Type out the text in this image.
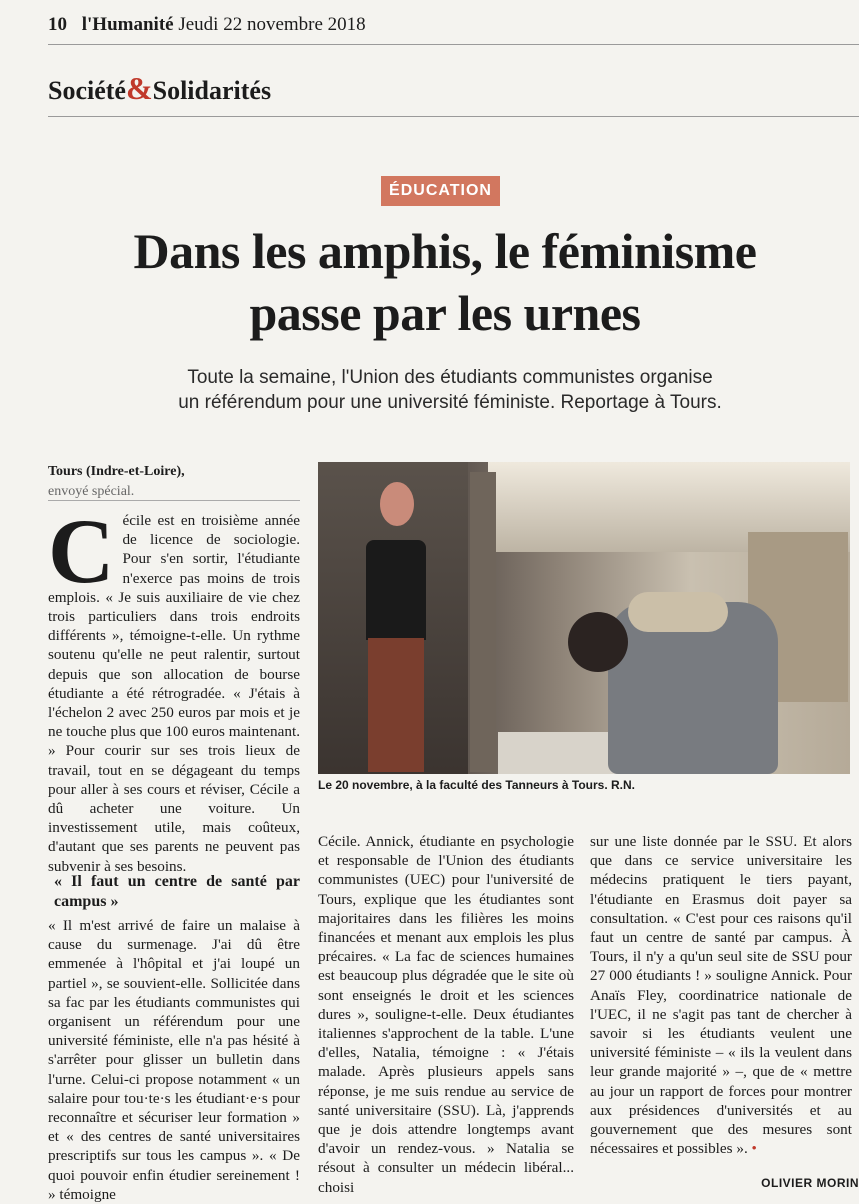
10 l'Humanité Jeudi 22 novembre 2018
Société&Solidarités
ÉDUCATION
Dans les amphis, le féminisme
passe par les urnes

Toute la semaine, l'Union des étudiants communistes organise
un référendum pour une université féministe. Reportage à Tours.

Tours (Indre-et-Loire),
envoyé spécial.
Le 20 novembre, à la faculté des Tanneurs à Tours. R.N.
C écile est en troisième année de licence de sociologie. Pour s'en sortir, l'étudiante n'exerce pas moins de trois emplois. « Je suis auxiliaire de vie chez trois particuliers dans trois endroits différents », témoigne-t-elle. Un rythme soutenu qu'elle ne peut ralentir, surtout depuis que son allocation de bourse étudiante a été rétrogradée. « J'étais à l'échelon 2 avec 250 euros par mois et je ne touche plus que 100 euros maintenant. » Pour courir sur ses trois lieux de travail, tout en se dégageant du temps pour aller à ses cours et réviser, Cécile a dû acheter une voiture. Un investissement utile, mais coûteux, d'autant que ses parents ne peuvent pas subvenir à ses besoins.

« Il faut un centre de santé par campus »

« Il m'est arrivé de faire un malaise à cause du surmenage. J'ai dû être emmenée à l'hôpital et j'ai loupé un partiel », se souvient-elle. Sollicitée dans sa fac par les étudiants communistes qui organisent un référendum pour une université féministe, elle n'a pas hésité à s'arrêter pour glisser un bulletin dans l'urne. Celui-ci propose notamment « un salaire pour tou·te·s les étudiant·e·s pour reconnaître et sécuriser leur formation » et « des centres de santé universitaires prescriptifs sur tous les campus ». « De quoi pouvoir enfin étudier sereinement ! » témoigne

Cécile. Annick, étudiante en psychologie et responsable de l'Union des étudiants communistes (UEC) pour l'université de Tours, explique que les étudiantes sont majoritaires dans les filières les moins financées et menant aux emplois les plus précaires. « La fac de sciences humaines est beaucoup plus dégradée que le site où sont enseignés le droit et les sciences dures », souligne-t-elle. Deux étudiantes italiennes s'approchent de la table. L'une d'elles, Natalia, témoigne : « J'étais malade. Après plusieurs appels sans réponse, je me suis rendue au service de santé universitaire (SSU). Là, j'apprends que je dois attendre longtemps avant d'avoir un rendez-vous. » Natalia se résout à consulter un médecin libéral... choisi

sur une liste donnée par le SSU. Et alors que dans ce service universitaire les médecins pratiquent le tiers payant, l'étudiante en Erasmus doit payer sa consultation. « C'est pour ces raisons qu'il faut un centre de santé par campus. À Tours, il n'y a qu'un seul site de SSU pour 27 000 étudiants ! » souligne Annick. Pour Anaïs Fley, coordinatrice nationale de l'UEC, il ne s'agit pas tant de chercher à savoir si les étudiants veulent une université féministe – « ils la veulent dans leur grande majorité » –, que de « mettre au jour un rapport de forces pour montrer aux présidences d'universités et au gouvernement que des mesures sont nécessaires et possibles ». •

OLIVIER MORIN
